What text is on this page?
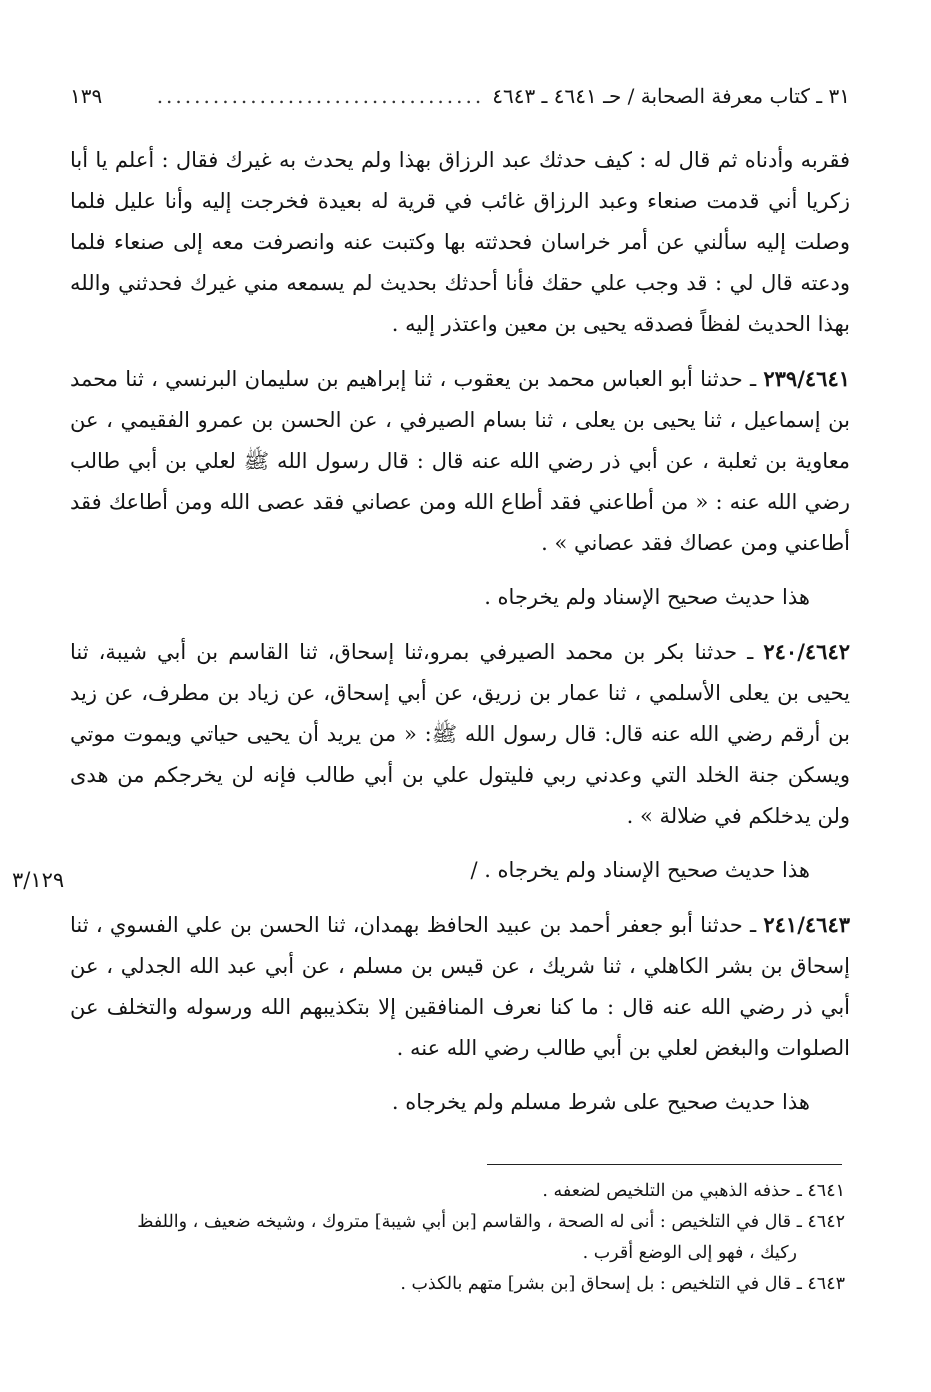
٣١ ـ كتاب معرفة الصحابة / حـ ٤٦٤١ ـ ٤٦٤٣
...................................
١٣٩

فقربه وأدناه ثم قال له : كيف حدثك عبد الرزاق بهذا ولم يحدث به غيرك فقال : أعلم يا أبا زكريا أني قدمت صنعاء وعبد الرزاق غائب في قرية له بعيدة فخرجت إليه وأنا عليل فلما وصلت إليه سألني عن أمر خراسان فحدثته بها وكتبت عنه وانصرفت معه إلى صنعاء فلما ودعته قال لي : قد وجب علي حقك فأنا أحدثك بحديث لم يسمعه مني غيرك فحدثني والله بهذا الحديث لفظاً فصدقه يحيى بن معين واعتذر إليه .

٢٣٩/٤٦٤١ ـ حدثنا أبو العباس محمد بن يعقوب ، ثنا إبراهيم بن سليمان البرنسي ، ثنا محمد بن إسماعيل ، ثنا يحيى بن يعلى ، ثنا بسام الصيرفي ، عن الحسن بن عمرو الفقيمي ، عن معاوية بن ثعلبة ، عن أبي ذر رضي الله عنه قال : قال رسول الله ﷺ لعلي بن أبي طالب رضي الله عنه : « من أطاعني فقد أطاع الله ومن عصاني فقد عصى الله ومن أطاعك فقد أطاعني ومن عصاك فقد عصاني » .

هذا حديث صحيح الإسناد ولم يخرجاه .

٢٤٠/٤٦٤٢ ـ حدثنا بكر بن محمد الصيرفي بمرو،ثنا إسحاق، ثنا القاسم بن أبي شيبة، ثنا يحيى بن يعلى الأسلمي ، ثنا عمار بن زريق، عن أبي إسحاق، عن زياد بن مطرف، عن زيد بن أرقم رضي الله عنه قال: قال رسول الله ﷺ: « من يريد أن يحيى حياتي ويموت موتي ويسكن جنة الخلد التي وعدني ربي فليتول علي بن أبي طالب فإنه لن يخرجكم من هدى ولن يدخلكم في ضلالة » .

هذا حديث صحيح الإسناد ولم يخرجاه . /

٢٤١/٤٦٤٣ ـ حدثنا أبو جعفر أحمد بن عبيد الحافظ بهمدان، ثنا الحسن بن علي الفسوي ، ثنا إسحاق بن بشر الكاهلي ، ثنا شريك ، عن قيس بن مسلم ، عن أبي عبد الله الجدلي ، عن أبي ذر رضي الله عنه قال : ما كنا نعرف المنافقين إلا بتكذيبهم الله ورسوله والتخلف عن الصلوات والبغض لعلي بن أبي طالب رضي الله عنه .

هذا حديث صحيح على شرط مسلم ولم يخرجاه .

٣/١٢٩

٤٦٤١ ـ حذفه الذهبي من التلخيص لضعفه .

٤٦٤٢ ـ قال في التلخيص : أنى له الصحة ، والقاسم [بن أبي شيبة] متروك ، وشيخه ضعيف ، واللفظ

ركيك ، فهو إلى الوضع أقرب .

٤٦٤٣ ـ قال في التلخيص : بل إسحاق [بن بشر] متهم بالكذب .
